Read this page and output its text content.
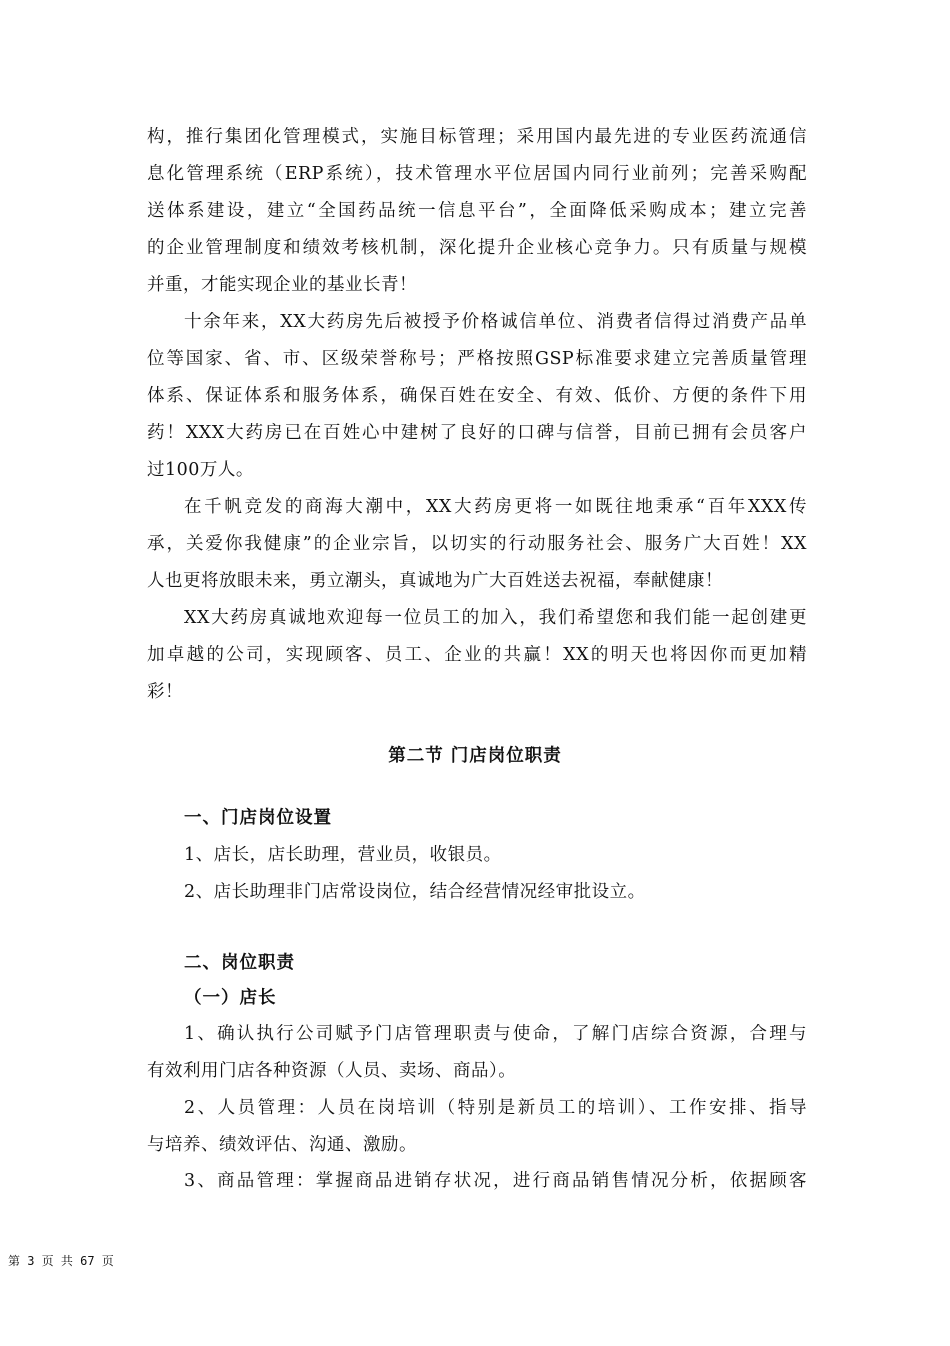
构，推行集团化管理模式，实施目标管理；采用国内最先进的专业医药流通信
息化管理系统（ERP系统），技术管理水平位居国内同行业前列；完善采购配
送体系建设，建立“全国药品统一信息平台”，全面降低采购成本；建立完善
的企业管理制度和绩效考核机制，深化提升企业核心竞争力。只有质量与规模
并重，才能实现企业的基业长青！
十余年来，XX大药房先后被授予价格诚信单位、消费者信得过消费产品单
位等国家、省、市、区级荣誉称号；严格按照GSP标准要求建立完善质量管理
体系、保证体系和服务体系，确保百姓在安全、有效、低价、方便的条件下用
药！XXX大药房已在百姓心中建树了良好的口碑与信誉，目前已拥有会员客户
过100万人。
在千帆竞发的商海大潮中，XX大药房更将一如既往地秉承“百年XXX传
承，关爱你我健康”的企业宗旨，以切实的行动服务社会、服务广大百姓！XX
人也更将放眼未来，勇立潮头，真诚地为广大百姓送去祝福，奉献健康！
XX大药房真诚地欢迎每一位员工的加入，我们希望您和我们能一起创建更
加卓越的公司，实现顾客、员工、企业的共赢！XX的明天也将因你而更加精
彩！
第二节 门店岗位职责
一、门店岗位设置
1、店长，店长助理，营业员，收银员。
2、店长助理非门店常设岗位，结合经营情况经审批设立。
二、岗位职责
（一）店长
1、确认执行公司赋予门店管理职责与使命，了解门店综合资源，合理与
有效利用门店各种资源（人员、卖场、商品）。
2、人员管理：人员在岗培训（特别是新员工的培训）、工作安排、指导
与培养、绩效评估、沟通、激励。
3、商品管理：掌握商品进销存状况，进行商品销售情况分析，依据顾客
第 3 页 共 67 页
